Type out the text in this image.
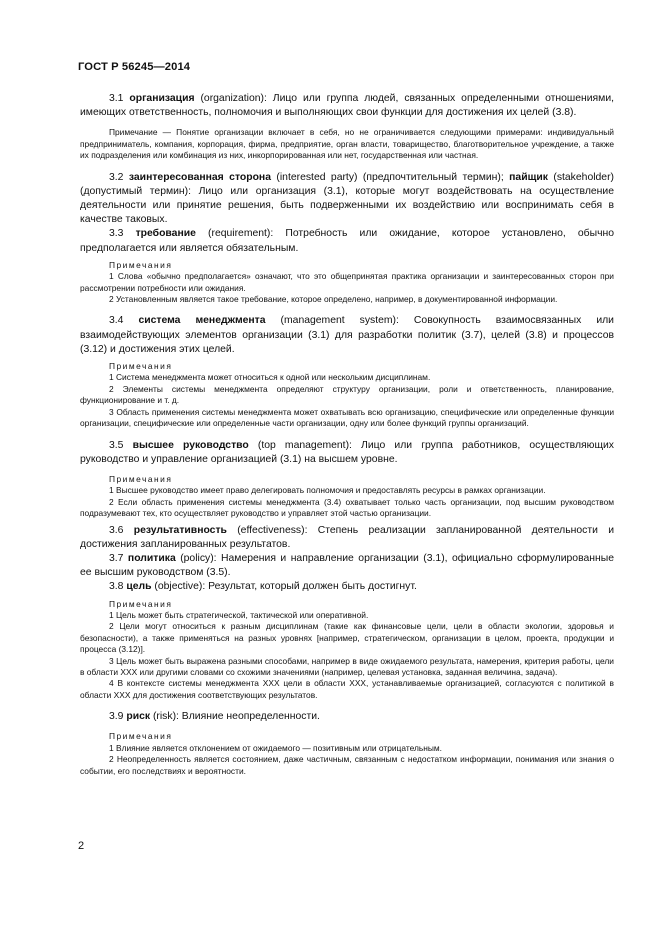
ГОСТ Р 56245—2014

3.1 организация (organization): Лицо или группа людей, связанных определенными отношениями, имеющих ответственность, полномочия и выполняющих свои функции для достижения их целей (3.8).

Примечание — Понятие организации включает в себя, но не ограничивается следующими примерами: индивидуальный предприниматель, компания, корпорация, фирма, предприятие, орган власти, товарищество, благотворительное учреждение, а также их подразделения или комбинация из них, инкорпорированная или нет, государственная или частная.

3.2 заинтересованная сторона (interested party) (предпочтительный термин); пайщик (stakeholder) (допустимый термин): Лицо или организация (3.1), которые могут воздействовать на осуществление деятельности или принятие решения, быть подверженными их воздействию или воспринимать себя в качестве таковых.

3.3 требование (requirement): Потребность или ожидание, которое установлено, обычно предполагается или является обязательным.

Примечания

1 Слова «обычно предполагается» означают, что это общепринятая практика организации и заинтересованных сторон при рассмотрении потребности или ожидания.

2 Установленным является такое требование, которое определено, например, в документированной информации.

3.4 система менеджмента (management system): Совокупность взаимосвязанных или взаимодействующих элементов организации (3.1) для разработки политик (3.7), целей (3.8) и процессов (3.12) и достижения этих целей.

Примечания

1 Система менеджмента может относиться к одной или нескольким дисциплинам.

2 Элементы системы менеджмента определяют структуру организации, роли и ответственность, планирование, функционирование и т. д.

3 Область применения системы менеджмента может охватывать всю организацию, специфические или определенные функции организации, специфические или определенные части организации, одну или более функций группы организаций.

3.5 высшее руководство (top management): Лицо или группа работников, осуществляющих руководство и управление организацией (3.1) на высшем уровне.

Примечания

1 Высшее руководство имеет право делегировать полномочия и предоставлять ресурсы в рамках организации.

2 Если область применения системы менеджмента (3.4) охватывает только часть организации, под высшим руководством подразумевают тех, кто осуществляет руководство и управляет этой частью организации.

3.6 результативность (effectiveness): Степень реализации запланированной деятельности и достижения запланированных результатов.

3.7 политика (policy): Намерения и направление организации (3.1), официально сформулированные ее высшим руководством (3.5).

3.8 цель (objective): Результат, который должен быть достигнут.

Примечания

1 Цель может быть стратегической, тактической или оперативной.

2 Цели могут относиться к разным дисциплинам (такие как финансовые цели, цели в области экологии, здоровья и безопасности), а также применяться на разных уровнях [например, стратегическом, организации в целом, проекта, продукции и процесса (3.12)].

3 Цель может быть выражена разными способами, например в виде ожидаемого результата, намерения, критерия работы, цели в области ХХХ или другими словами со схожими значениями (например, целевая установка, заданная величина, задача).

4 В контексте системы менеджмента ХХХ цели в области ХХХ, устанавливаемые организацией, согласуются с политикой в области ХХХ для достижения соответствующих результатов.

3.9 риск (risk): Влияние неопределенности.

Примечания

1 Влияние является отклонением от ожидаемого — позитивным или отрицательным.

2 Неопределенность является состоянием, даже частичным, связанным с недостатком информации, понимания или знания о событии, его последствиях и вероятности.

2
